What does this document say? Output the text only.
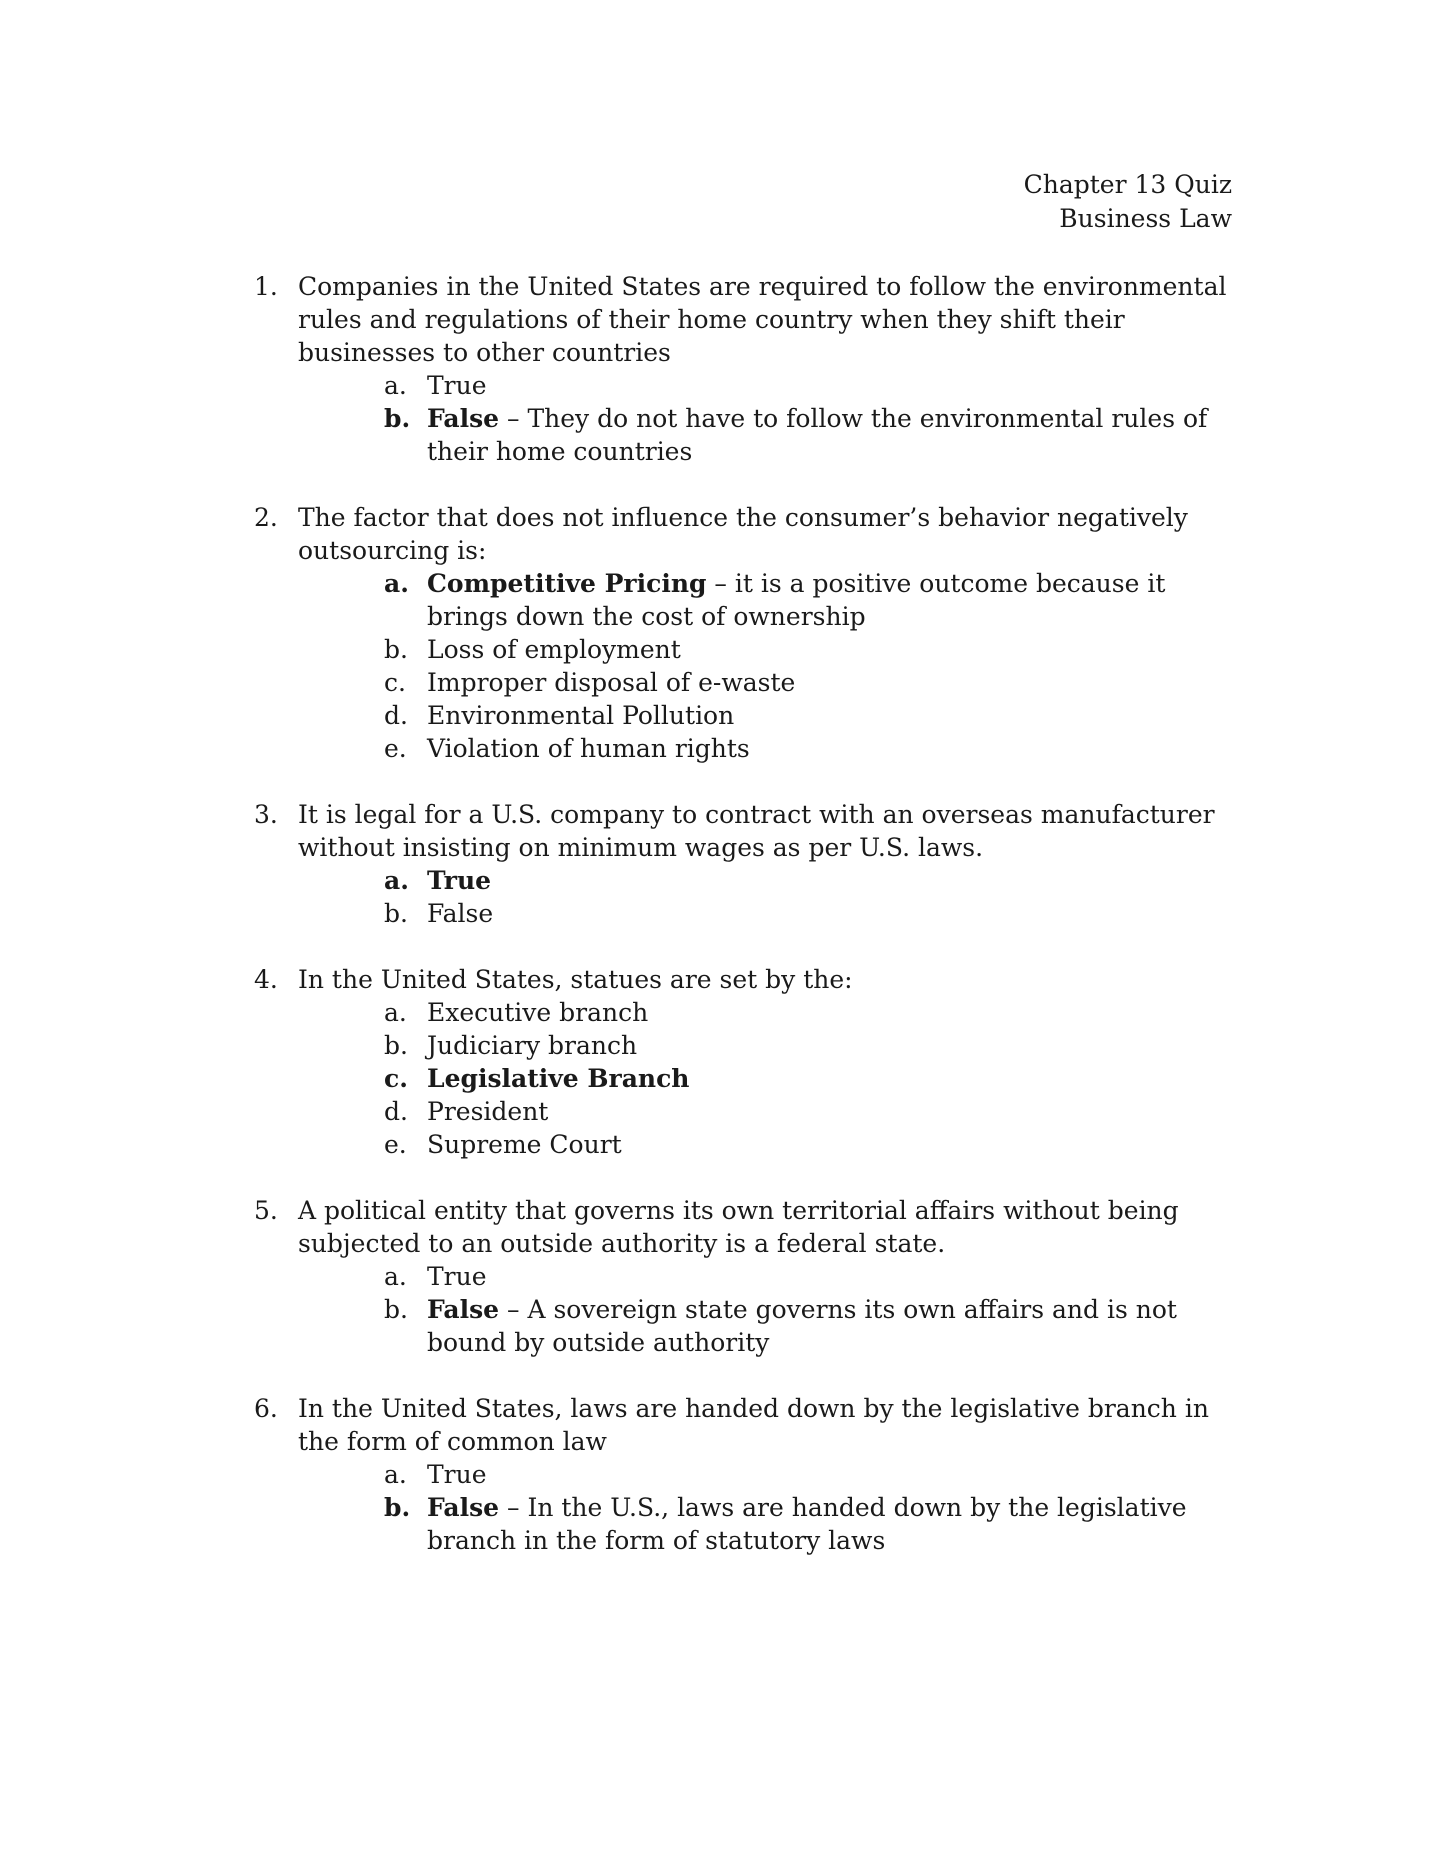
Chapter 13 Quiz
Business Law
1. Companies in the United States are required to follow the environmental rules and regulations of their home country when they shift their businesses to other countries
a. True
b. False – They do not have to follow the environmental rules of their home countries
2. The factor that does not influence the consumer’s behavior negatively outsourcing is:
a. Competitive Pricing – it is a positive outcome because it brings down the cost of ownership
b. Loss of employment
c. Improper disposal of e-waste
d. Environmental Pollution
e. Violation of human rights
3. It is legal for a U.S. company to contract with an overseas manufacturer without insisting on minimum wages as per U.S. laws.
a. True
b. False
4. In the United States, statues are set by the:
a. Executive branch
b. Judiciary branch
c. Legislative Branch
d. President
e. Supreme Court
5. A political entity that governs its own territorial affairs without being subjected to an outside authority is a federal state.
a. True
b. False – A sovereign state governs its own affairs and is not bound by outside authority
6. In the United States, laws are handed down by the legislative branch in the form of common law
a. True
b. False – In the U.S., laws are handed down by the legislative branch in the form of statutory laws
